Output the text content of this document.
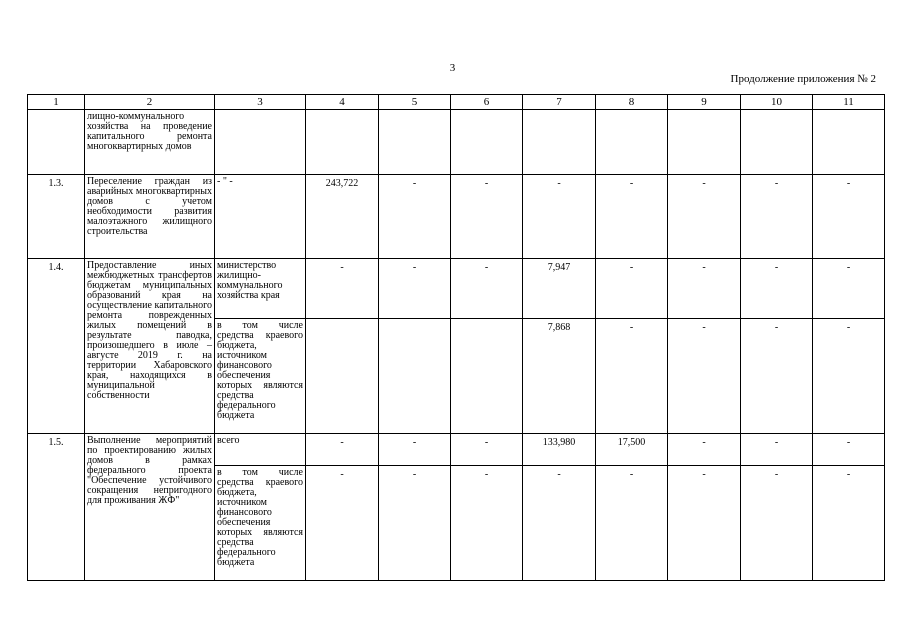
3
Продолжение приложения № 2
1	2	3	4	5	6	7	8	9	10	11
	лищно-коммунального хозяйства на проведение капитального ремонта многоквартирных домов									
1.3.	Переселение граждан из аварийных многоквартирных домов с учетом необходимости развития малоэтажного жилищного строительства	- " -	243,722	-	-	-	-	-	-	-
1.4.	Предоставление иных межбюджетных трансфертов бюджетам муниципальных образований края на осуществление капитального ремонта поврежденных жилых помещений в результате паводка, произошедшего в июле – августе 2019 г. на территории Хабаровского края, находящихся в муниципальной собственности	министерство жилищно-коммунального хозяйства края	-	-	-	7,947	-	-	-	-
		в том числе средства краевого бюджета, источником финансового обеспечения которых являются средства федерального бюджета				7,868	-	-	-	-
1.5.	Выполнение мероприятий по проектированию жилых домов в рамках федерального проекта "Обеспечение устойчивого сокращения непригодного для проживания ЖФ"	всего	-	-	-	133,980	17,500	-	-	-
		в том числе средства краевого бюджета, источником финансового обеспечения которых являются средства федерального бюджета	-	-	-	-	-	-	-	-
